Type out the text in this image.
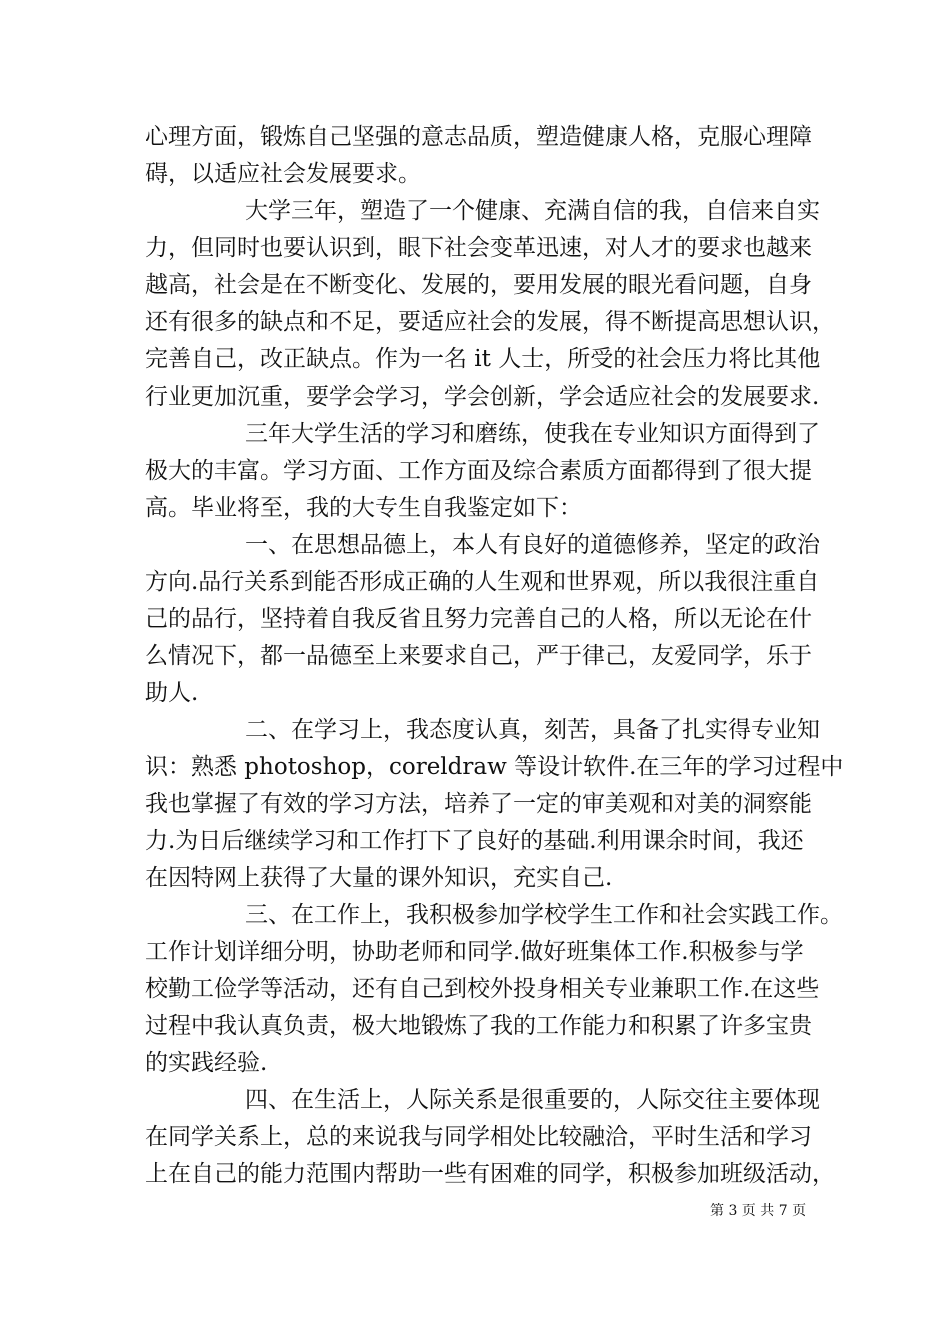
心理方面，锻炼自己坚强的意志品质，塑造健康人格，克服心理障
碍，以适应社会发展要求。
大学三年，塑造了一个健康、充满自信的我，自信来自实
力，但同时也要认识到，眼下社会变革迅速，对人才的要求也越来
越高，社会是在不断变化、发展的，要用发展的眼光看问题，自身
还有很多的缺点和不足，要适应社会的发展，得不断提高思想认识，
完善自己，改正缺点。作为一名 it 人士，所受的社会压力将比其他
行业更加沉重，要学会学习，学会创新，学会适应社会的发展要求.
三年大学生活的学习和磨练，使我在专业知识方面得到了
极大的丰富。学习方面、工作方面及综合素质方面都得到了很大提
高。毕业将至，我的大专生自我鉴定如下：
一、在思想品德上，本人有良好的道德修养，坚定的政治
方向.品行关系到能否形成正确的人生观和世界观，所以我很注重自
己的品行，坚持着自我反省且努力完善自己的人格，所以无论在什
么情况下，都一品德至上来要求自己，严于律己，友爱同学，乐于
助人.
二、在学习上，我态度认真，刻苦，具备了扎实得专业知
识：熟悉 photoshop，coreldraw 等设计软件.在三年的学习过程中
我也掌握了有效的学习方法，培养了一定的审美观和对美的洞察能
力.为日后继续学习和工作打下了良好的基础.利用课余时间，我还
在因特网上获得了大量的课外知识，充实自己.
三、在工作上，我积极参加学校学生工作和社会实践工作。
工作计划详细分明，协助老师和同学.做好班集体工作.积极参与学
校勤工俭学等活动，还有自己到校外投身相关专业兼职工作.在这些
过程中我认真负责，极大地锻炼了我的工作能力和积累了许多宝贵
的实践经验.
四、在生活上，人际关系是很重要的，人际交往主要体现
在同学关系上，总的来说我与同学相处比较融洽，平时生活和学习
上在自己的能力范围内帮助一些有困难的同学，积极参加班级活动，
第 3 页 共 7 页
